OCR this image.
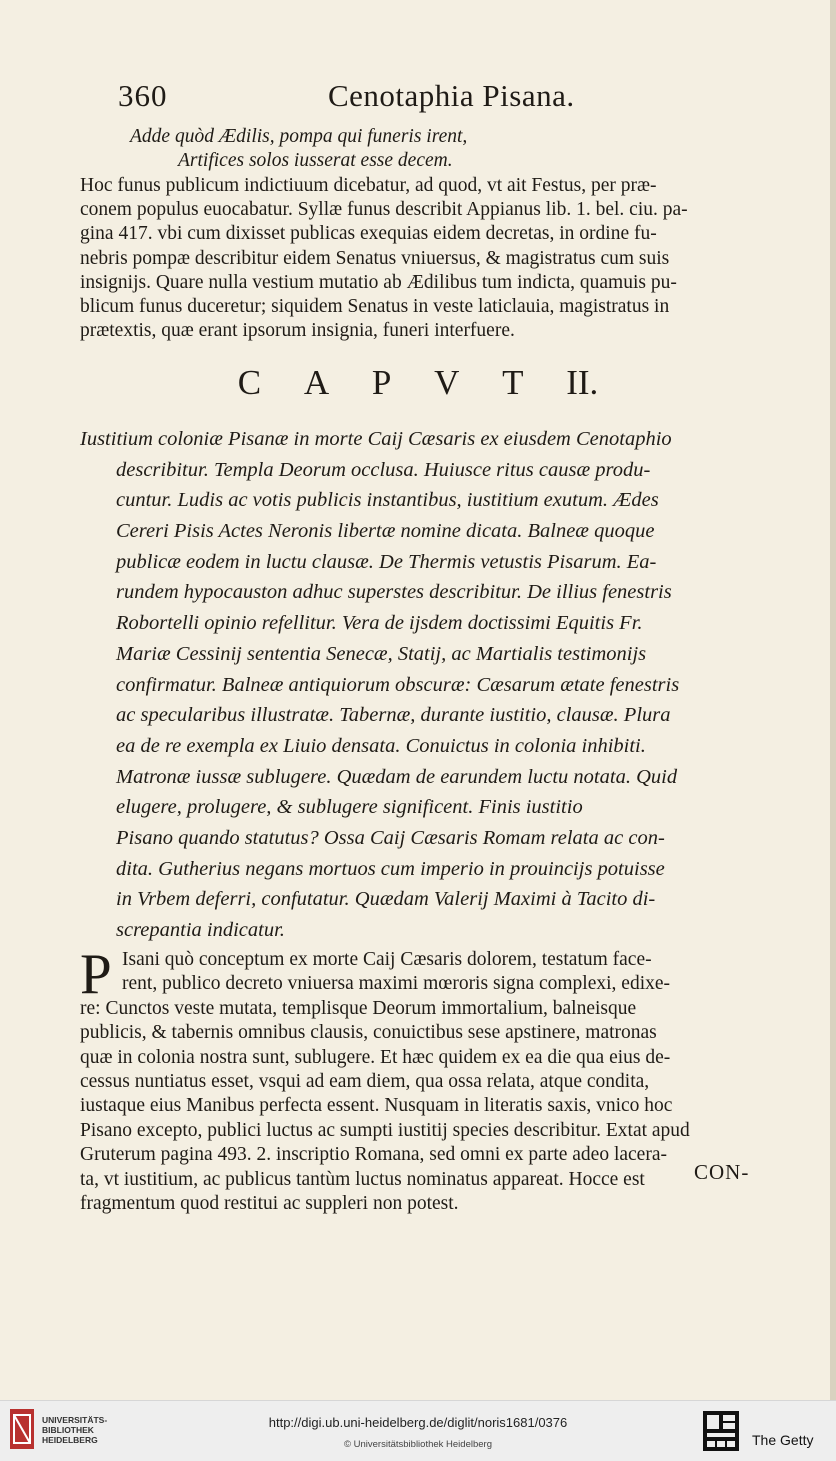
360	Cenotaphia Pisana.
Adde quòd Ædilis, pompa qui funeris irent,
Artifices solos iusserat esse decem.
Hoc funus publicum indictiuum dicebatur, ad quod, vt ait Festus, per præ-
conem populus euocabatur. Syllæ funus describit Appianus lib. 1. bel. ciu. pa-
gina 417. vbi cum dixisset publicas exequias eidem decretas, in ordine fu-
nebris pompæ describitur eidem Senatus vniuersus, & magistratus cum suis
insignijs. Quare nulla vestium mutatio ab Ædilibus tum indicta, quamuis pu-
blicum funus duceretur; siquidem Senatus in veste laticlauia, magistratus in
prætextis, quæ erant ipsorum insignia, funeri interfuere.
C A P V T II.
Iustitium coloniæ Pisanæ in morte Caij Cæsaris ex eiusdem Cenotaphio
describitur. Templa Deorum occlusa. Huiusce ritus causæ produ-
cuntur. Ludis ac votis publicis instantibus, iustitium exutum. Ædes
Cereri Pisis Actes Neronis libertæ nomine dicata. Balneæ quoque
publicæ eodem in luctu clausæ. De Thermis vetustis Pisarum. Ea-
rundem hypocauston adhuc superstes describitur. De illius fenestris
Robortelli opinio refellitur. Vera de ijsdem doctissimi Equitis Fr.
Mariæ Cessinij sententia Senecæ, Statij, ac Martialis testimonijs
confirmatur. Balneæ antiquiorum obscuræ: Cæsarum ætate fenestris
ac specularibus illustratæ. Tabernæ, durante iustitio, clausæ. Plura
ea de re exempla ex Liuio densata. Conuictus in colonia inhibiti.
Matronæ iussæ sublugere. Quædam de earundem luctu notata. Quid
elugere, prolugere, & sublugere significent. Finis iustitio
Pisano quando statutus? Ossa Caij Cæsaris Romam relata ac con-
dita. Gutherius negans mortuos cum imperio in prouincijs potuisse
in Vrbem deferri, confutatur. Quædam Valerij Maximi à Tacito di-
screpantia indicatur.
P Isani quò conceptum ex morte Caij Cæsaris dolorem, testatum face-
rent, publico decreto vniuersa maximi mœroris signa complexi, edixe-
re: Cunctos veste mutata, templisque Deorum immortalium, balneisque
publicis, & tabernis omnibus clausis, conuictibus sese apstinere, matronas
quæ in colonia nostra sunt, sublugere. Et hæc quidem ex ea die qua eius de-
cessus nuntiatus esset, vsqui ad eam diem, qua ossa relata, atque condita,
iustaque eius Manibus perfecta essent. Nusquam in literatis saxis, vnico hoc
Pisano excepto, publici luctus ac sumpti iustitij species describitur. Extat apud
Gruterum pagina 493. 2. inscriptio Romana, sed omni ex parte adeo lacera-
ta, vt iustitium, ac publicus tantùm luctus nominatus appareat. Hocce est
fragmentum quod restitui ac suppleri non potest.
CON-
UNIVERSITÄTS-
BIBLIOTHEK
HEIDELBERG
http://digi.ub.uni-heidelberg.de/diglit/noris1681/0376
© Universitätsbibliothek Heidelberg	The Getty
